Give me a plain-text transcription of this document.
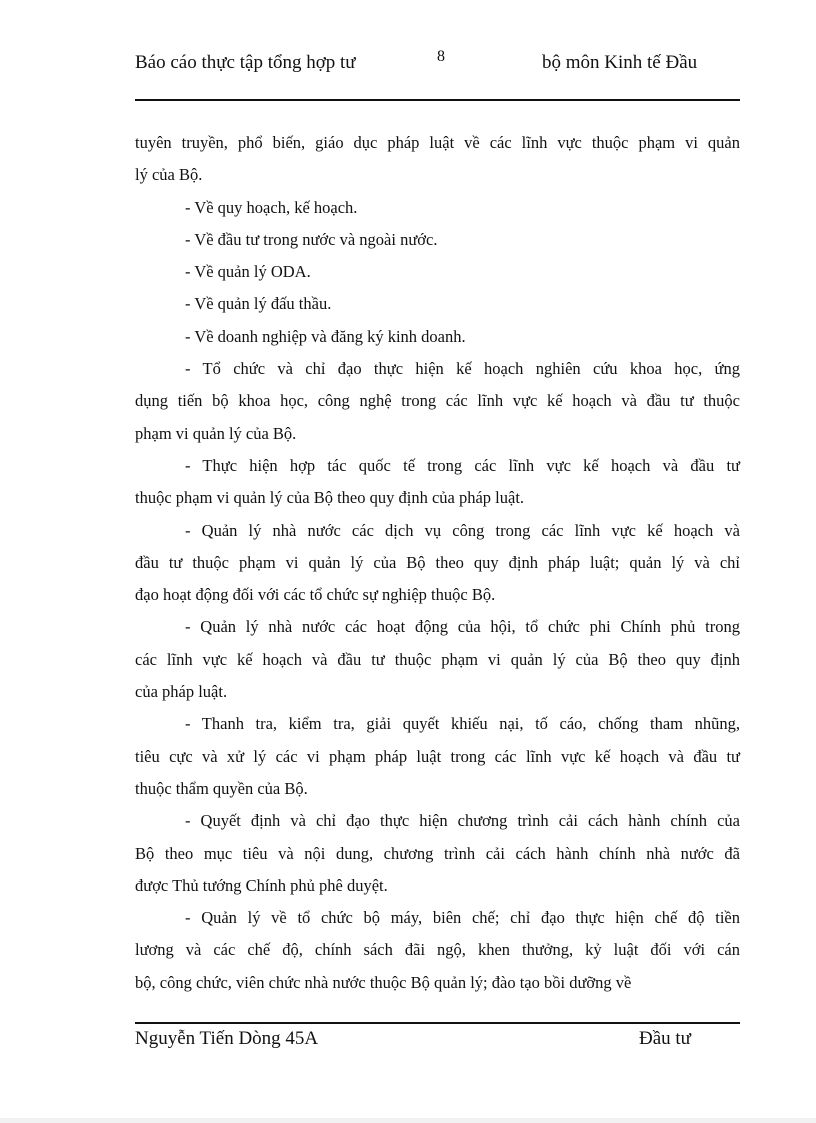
Báo cáo thực tập tổng hợp tư	8	bộ môn Kinh tế Đầu
tuyên truyền, phổ biến, giáo dục pháp luật về các lĩnh vực thuộc phạm vi quản
lý của Bộ.
- Về quy hoạch, kế hoạch.
- Về đầu tư trong nước và ngoài nước.
- Về quản lý ODA.
- Về quản lý đấu thầu.
- Về doanh nghiệp và đăng ký kinh doanh.
- Tổ chức và chỉ đạo thực hiện kế hoạch nghiên cứu khoa học, ứng
dụng tiến bộ khoa học, công nghệ trong các lĩnh vực kế hoạch và đầu tư thuộc
phạm vi quản lý của Bộ.
- Thực hiện hợp tác quốc tế trong các lĩnh vực kế hoạch và đầu tư
thuộc phạm vi quản lý của Bộ theo quy định của pháp luật.
- Quản lý nhà nước các dịch vụ công trong các lĩnh vực kế hoạch và
đầu tư thuộc phạm vi quản lý của Bộ theo quy định pháp luật; quản lý và chỉ
đạo hoạt động đối với các tổ chức sự nghiệp thuộc Bộ.
- Quản lý nhà nước các hoạt động của hội, tổ chức phi Chính phủ trong
các lĩnh vực kế hoạch và đầu tư thuộc phạm vi quản lý của Bộ theo quy định
của pháp luật.
- Thanh tra, kiểm tra, giải quyết khiếu nại, tố cáo, chống tham nhũng,
tiêu cực và xử lý các vi phạm pháp luật trong các lĩnh vực kế hoạch và đầu tư
thuộc thẩm quyền của Bộ.
- Quyết định và chỉ đạo thực hiện chương trình cải cách hành chính của
Bộ theo mục tiêu và nội dung, chương trình cải cách hành chính nhà nước đã
được Thủ tướng Chính phủ phê duyệt.
- Quản lý về tổ chức bộ máy, biên chế; chỉ đạo thực hiện chế độ tiền
lương và các chế độ, chính sách đãi ngộ, khen thưởng, kỷ luật đối với cán
bộ, công chức, viên chức nhà nước thuộc Bộ quản lý; đào tạo bồi dưỡng về
Nguyễn Tiến Dòng 45A	Đầu tư
